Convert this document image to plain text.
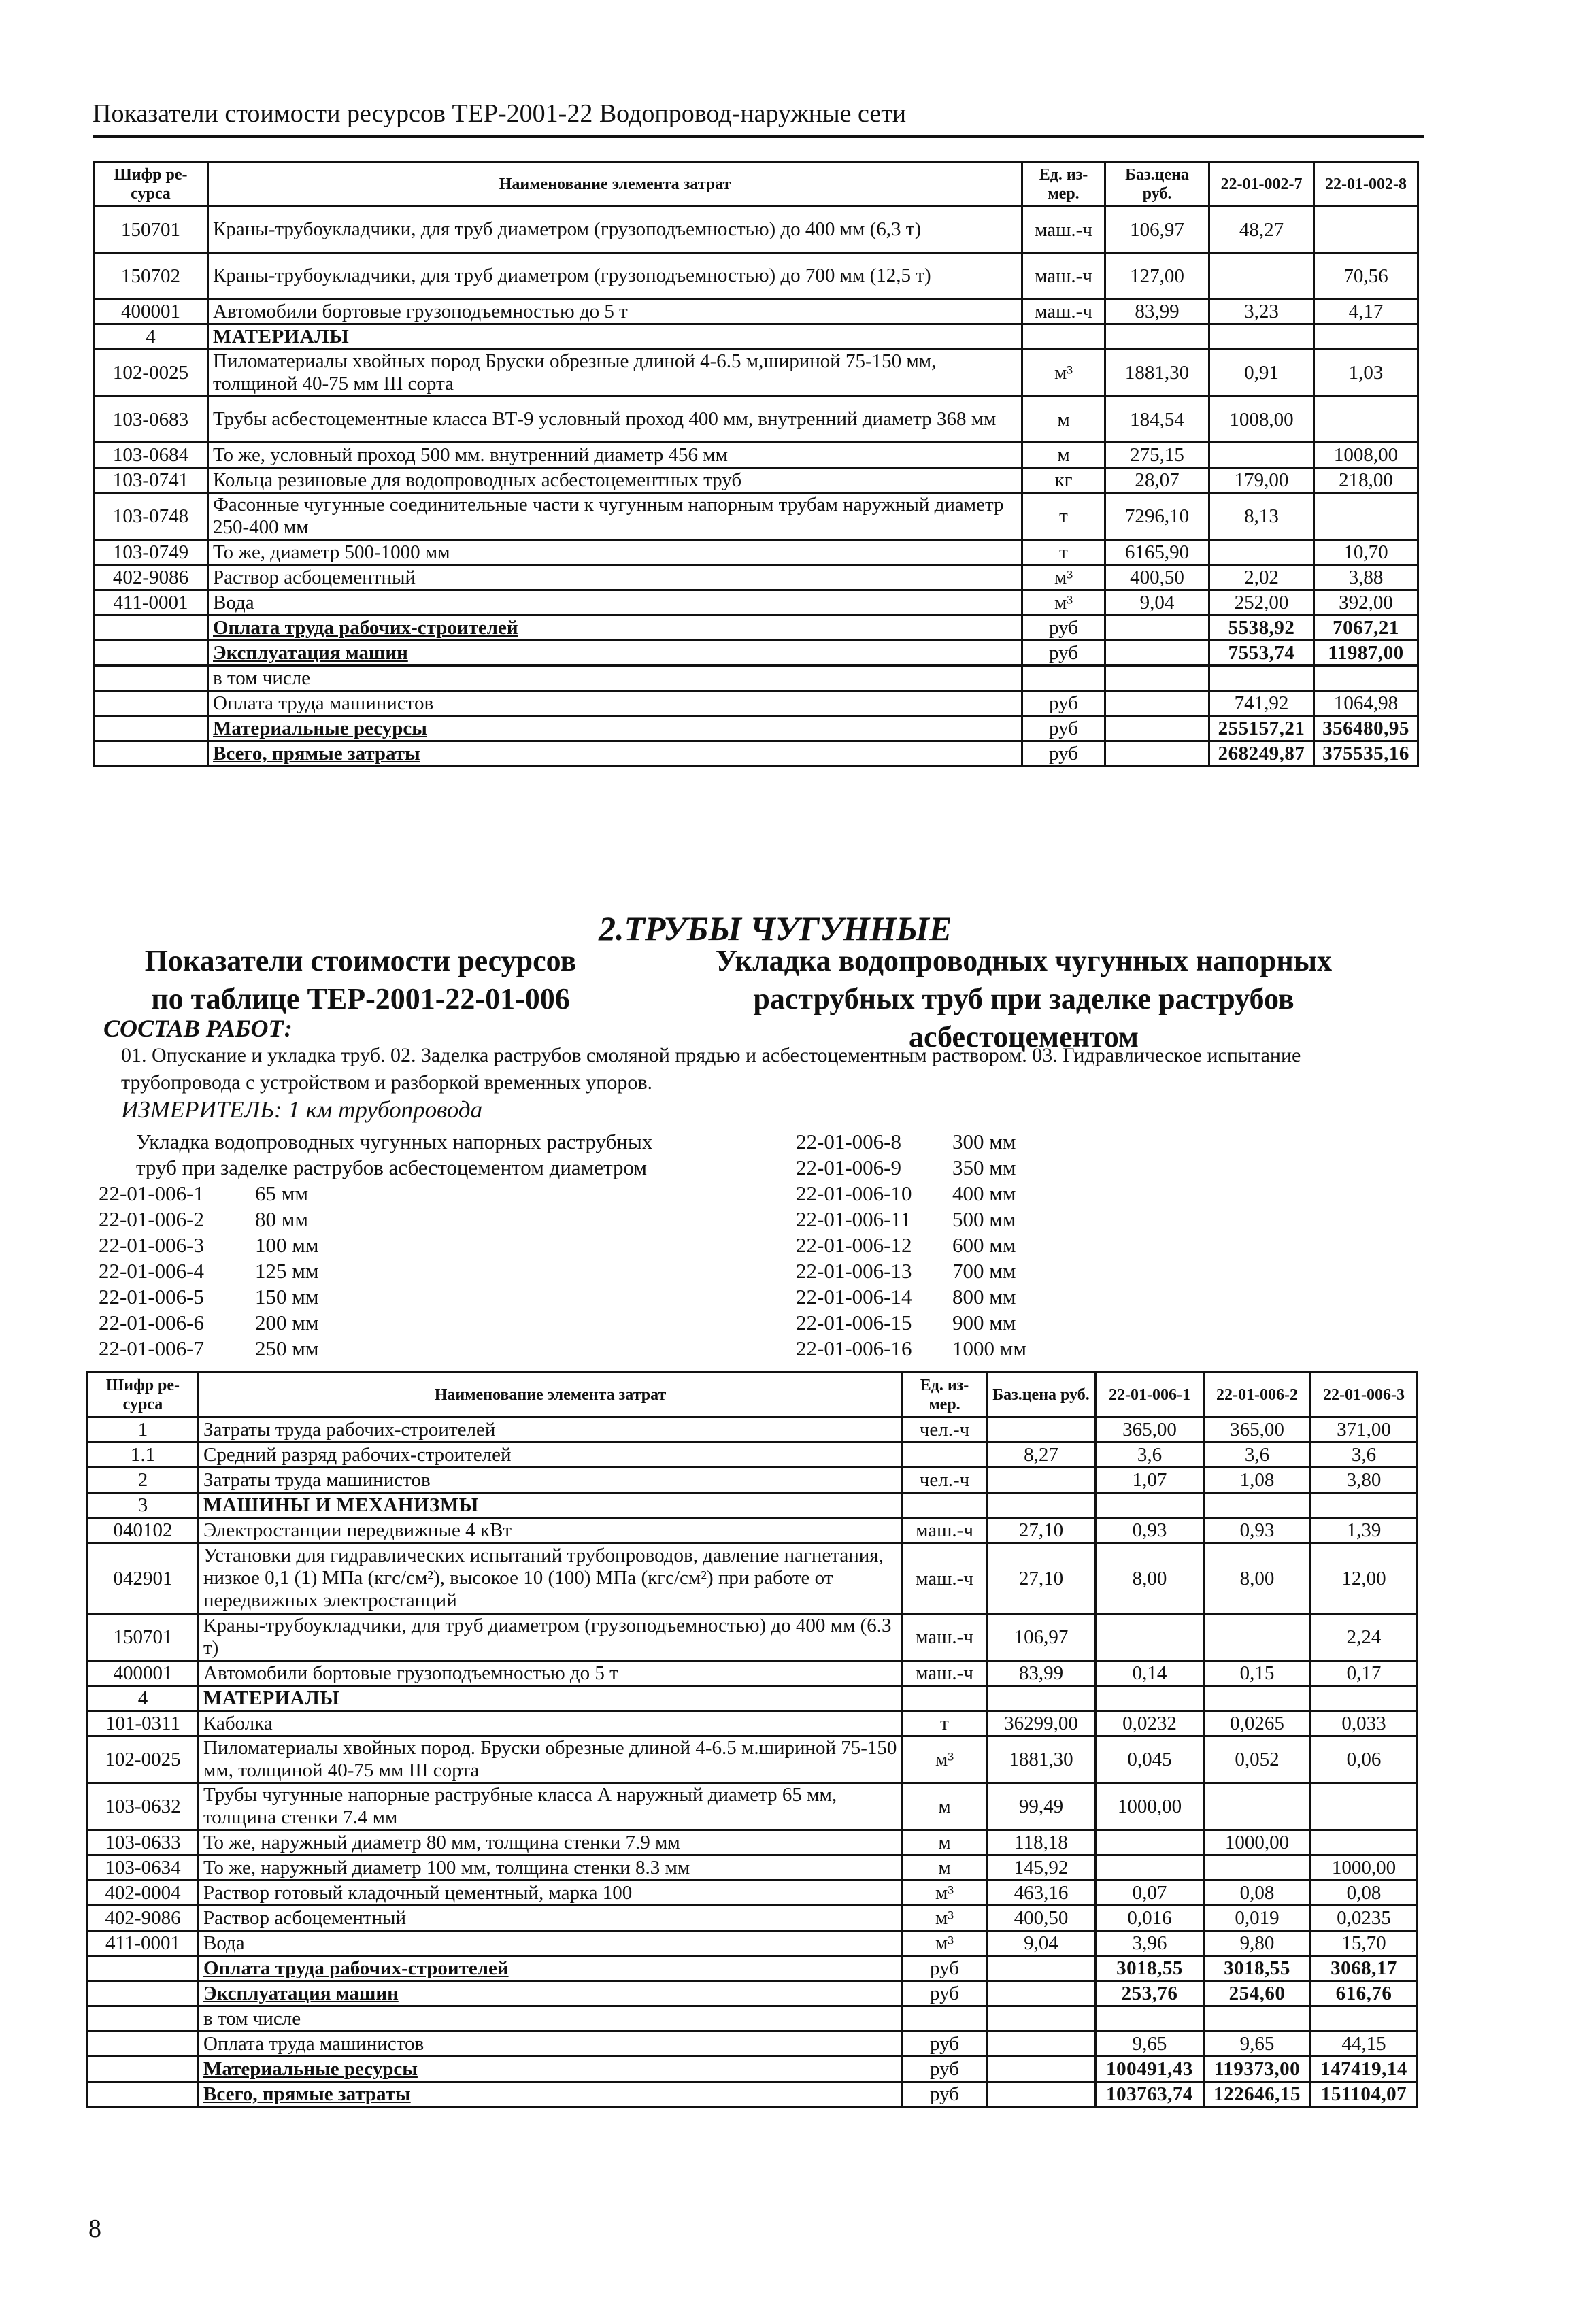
Показатели стоимости ресурсов ТЕР-2001-22 Водопровод-наружные сети
Шифр ре-сурса	Наименование элемента затрат	Ед. из-мер.	Баз.цена руб.	22-01-002-7	22-01-002-8
150701	Краны-трубоукладчики, для труб диаметром (грузоподъемностью) до 400 мм (6,3 т)	маш.-ч	106,97	48,27	
150702	Краны-трубоукладчики, для труб диаметром (грузоподъемностью) до 700 мм (12,5 т)	маш.-ч	127,00		70,56
400001	Автомобили бортовые грузоподъемностью до 5 т	маш.-ч	83,99	3,23	4,17
4	МАТЕРИАЛЫ				
102-0025	Пиломатериалы хвойных пород Бруски обрезные длиной 4-6.5 м,шириной 75-150 мм, толщиной 40-75 мм III сорта	м³	1881,30	0,91	1,03
103-0683	Трубы асбестоцементные класса ВТ-9 условный проход 400 мм, внутренний диаметр 368 мм	м	184,54	1008,00	
103-0684	То же, условный проход 500 мм. внутренний диаметр 456 мм	м	275,15		1008,00
103-0741	Кольца резиновые для водопроводных асбестоцементных труб	кг	28,07	179,00	218,00
103-0748	Фасонные чугунные соединительные части к чугунным напорным трубам наружный диаметр 250-400 мм	т	7296,10	8,13	
103-0749	То же, диаметр 500-1000 мм	т	6165,90		10,70
402-9086	Раствор асбоцементный	м³	400,50	2,02	3,88
411-0001	Вода	м³	9,04	252,00	392,00
	Оплата труда рабочих-строителей	руб		5538,92	7067,21
	Эксплуатация машин	руб		7553,74	11987,00
	в том числе				
	Оплата труда машинистов	руб		741,92	1064,98
	Материальные ресурсы	руб		255157,21	356480,95
	Всего, прямые затраты	руб		268249,87	375535,16
2.ТРУБЫ ЧУГУННЫЕ
Показатели стоимости ресурсов по таблице ТЕР-2001-22-01-006
Укладка водопроводных чугунных напорных раструбных труб при заделке раструбов асбестоцементом
СОСТАВ РАБОТ:
01. Опускание и укладка труб. 02. Заделка раструбов смоляной прядью и асбестоцементным раствором. 03. Гидравлическое испытание трубопровода с устройством и разборкой временных упоров.
ИЗМЕРИТЕЛЬ: 1 км трубопровода
Укладка водопроводных чугунных напорных раструбных
труб при заделке раструбов асбестоцементом диаметром
22-01-006-1 65 мм
22-01-006-2 80 мм
22-01-006-3 100 мм
22-01-006-4 125 мм
22-01-006-5 150 мм
22-01-006-6 200 мм
22-01-006-7 250 мм
22-01-006-8 300 мм
22-01-006-9 350 мм
22-01-006-10 400 мм
22-01-006-11 500 мм
22-01-006-12 600 мм
22-01-006-13 700 мм
22-01-006-14 800 мм
22-01-006-15 900 мм
22-01-006-16 1000 мм
Шифр ре-сурса	Наименование элемента затрат	Ед. из-мер.	Баз.цена руб.	22-01-006-1	22-01-006-2	22-01-006-3
1	Затраты труда рабочих-строителей	чел.-ч		365,00	365,00	371,00
1.1	Средний разряд рабочих-строителей		8,27	3,6	3,6	3,6
2	Затраты труда машинистов	чел.-ч		1,07	1,08	3,80
3	МАШИНЫ И МЕХАНИЗМЫ					
040102	Электростанции передвижные 4 кВт	маш.-ч	27,10	0,93	0,93	1,39
042901	Установки для гидравлических испытаний трубопроводов, давление нагнетания, низкое 0,1 (1) МПа (кгс/см²), высокое 10 (100) МПа (кгс/см²) при работе от передвижных электростанций	маш.-ч	27,10	8,00	8,00	12,00
150701	Краны-трубоукладчики, для труб диаметром (грузоподъемностью) до 400 мм (6.3 т)	маш.-ч	106,97			2,24
400001	Автомобили бортовые грузоподъемностью до 5 т	маш.-ч	83,99	0,14	0,15	0,17
4	МАТЕРИАЛЫ					
101-0311	Каболка	т	36299,00	0,0232	0,0265	0,033
102-0025	Пиломатериалы хвойных пород. Бруски обрезные длиной 4-6.5 м.шириной 75-150 мм, толщиной 40-75 мм III сорта	м³	1881,30	0,045	0,052	0,06
103-0632	Трубы чугунные напорные раструбные класса А наружный диаметр 65 мм, толщина стенки 7.4 мм	м	99,49	1000,00		
103-0633	То же, наружный диаметр 80 мм, толщина стенки 7.9 мм	м	118,18		1000,00	
103-0634	То же, наружный диаметр 100 мм, толщина стенки 8.3 мм	м	145,92			1000,00
402-0004	Раствор готовый кладочный цементный, марка 100	м³	463,16	0,07	0,08	0,08
402-9086	Раствор асбоцементный	м³	400,50	0,016	0,019	0,0235
411-0001	Вода	м³	9,04	3,96	9,80	15,70
	Оплата труда рабочих-строителей	руб		3018,55	3018,55	3068,17
	Эксплуатация машин	руб		253,76	254,60	616,76
	в том числе					
	Оплата труда машинистов	руб		9,65	9,65	44,15
	Материальные ресурсы	руб		100491,43	119373,00	147419,14
	Всего, прямые затраты	руб		103763,74	122646,15	151104,07
8
